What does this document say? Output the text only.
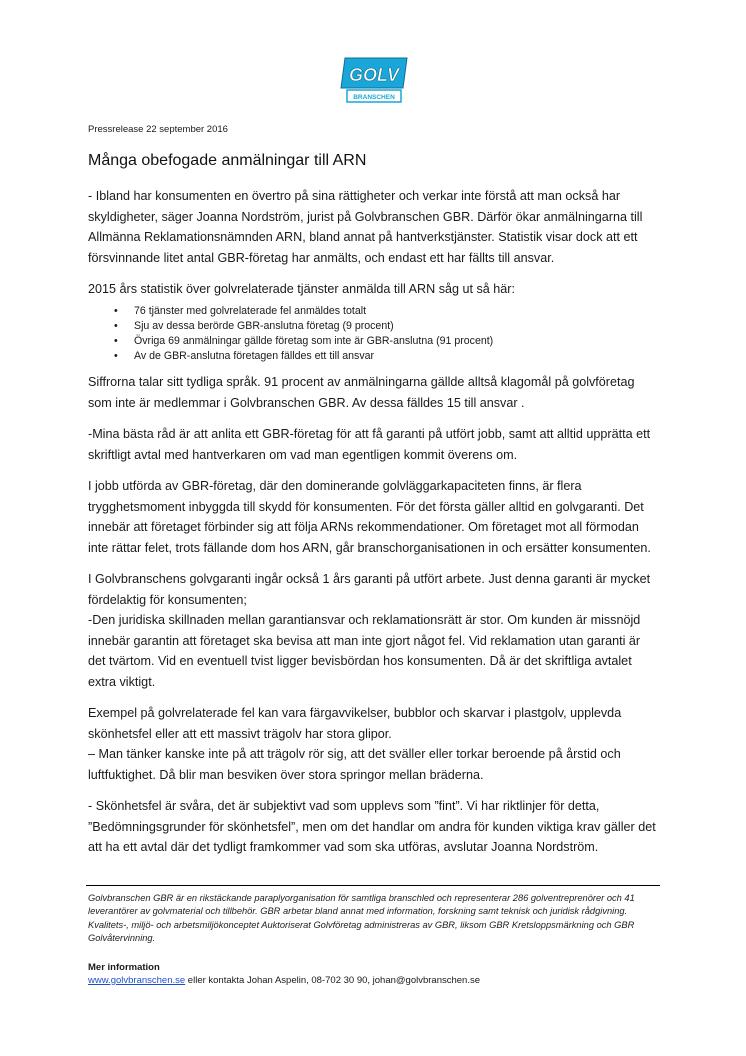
GOLV
BRANSCHEN
Pressrelease 22 september 2016
Många obefogade anmälningar till ARN

- Ibland har konsumenten en övertro på sina rättigheter och verkar inte förstå att man också har skyldigheter, säger Joanna Nordström, jurist på Golvbranschen GBR. Därför ökar anmälningarna till Allmänna Reklamationsnämnden ARN, bland annat på hantverkstjänster. Statistik visar dock att ett försvinnande litet antal GBR-företag har anmälts, och endast ett har fällts till ansvar.

2015 års statistik över golvrelaterade tjänster anmälda till ARN såg ut så här:

• 76 tjänster med golvrelaterade fel anmäldes totalt
• Sju av dessa berörde GBR-anslutna företag (9 procent)
• Övriga 69 anmälningar gällde företag som inte är GBR-anslutna (91 procent)
• Av de GBR-anslutna företagen fälldes ett till ansvar

Siffrorna talar sitt tydliga språk. 91 procent av anmälningarna gällde alltså klagomål på golvföretag som inte är medlemmar i Golvbranschen GBR. Av dessa fälldes 15 till ansvar .

-Mina bästa råd är att anlita ett GBR-företag för att få garanti på utfört jobb, samt att alltid upprätta ett skriftligt avtal med hantverkaren om vad man egentligen kommit överens om.

I jobb utförda av GBR-företag, där den dominerande golvläggarkapaciteten finns, är flera trygghetsmoment inbyggda till skydd för konsumenten. För det första gäller alltid en golvgaranti. Det innebär att företaget förbinder sig att följa ARNs rekommendationer. Om företaget mot all förmodan inte rättar felet, trots fällande dom hos ARN, går branschorganisationen in och ersätter konsumenten.

I Golvbranschens golvgaranti ingår också 1 års garanti på utfört arbete. Just denna garanti är mycket fördelaktig för konsumenten;

-Den juridiska skillnaden mellan garantiansvar och reklamationsrätt är stor. Om kunden är missnöjd innebär garantin att företaget ska bevisa att man inte gjort något fel. Vid reklamation utan garanti är det tvärtom. Vid en eventuell tvist ligger bevisbördan hos konsumenten. Då är det skriftliga avtalet extra viktigt.

Exempel på golvrelaterade fel kan vara färgavvikelser, bubblor och skarvar i plastgolv, upplevda skönhetsfel eller att ett massivt trägolv har stora glipor.

– Man tänker kanske inte på att trägolv rör sig, att det sväller eller torkar beroende på årstid och luftfuktighet. Då blir man besviken över stora springor mellan bräderna.

- Skönhetsfel är svåra, det är subjektivt vad som upplevs som ”fint”. Vi har riktlinjer för detta, ”Bedömningsgrunder för skönhetsfel”, men om det handlar om andra för kunden viktiga krav gäller det att ha ett avtal där det tydligt framkommer vad som ska utföras, avslutar Joanna Nordström.

Golvbranschen GBR är en rikstäckande paraplyorganisation för samtliga branschled och representerar 286 golventreprenörer och 41 leverantörer av golvmaterial och tillbehör. GBR arbetar bland annat med information, forskning samt teknisk och juridisk rådgivning. Kvalitets-, miljö- och arbetsmiljökonceptet Auktoriserat Golvföretag administreras av GBR, liksom GBR Kretsloppsmärkning och GBR Golvåtervinning.

Mer information
www.golvbranschen.se eller kontakta Johan Aspelin, 08-702 30 90, johan@golvbranschen.se
